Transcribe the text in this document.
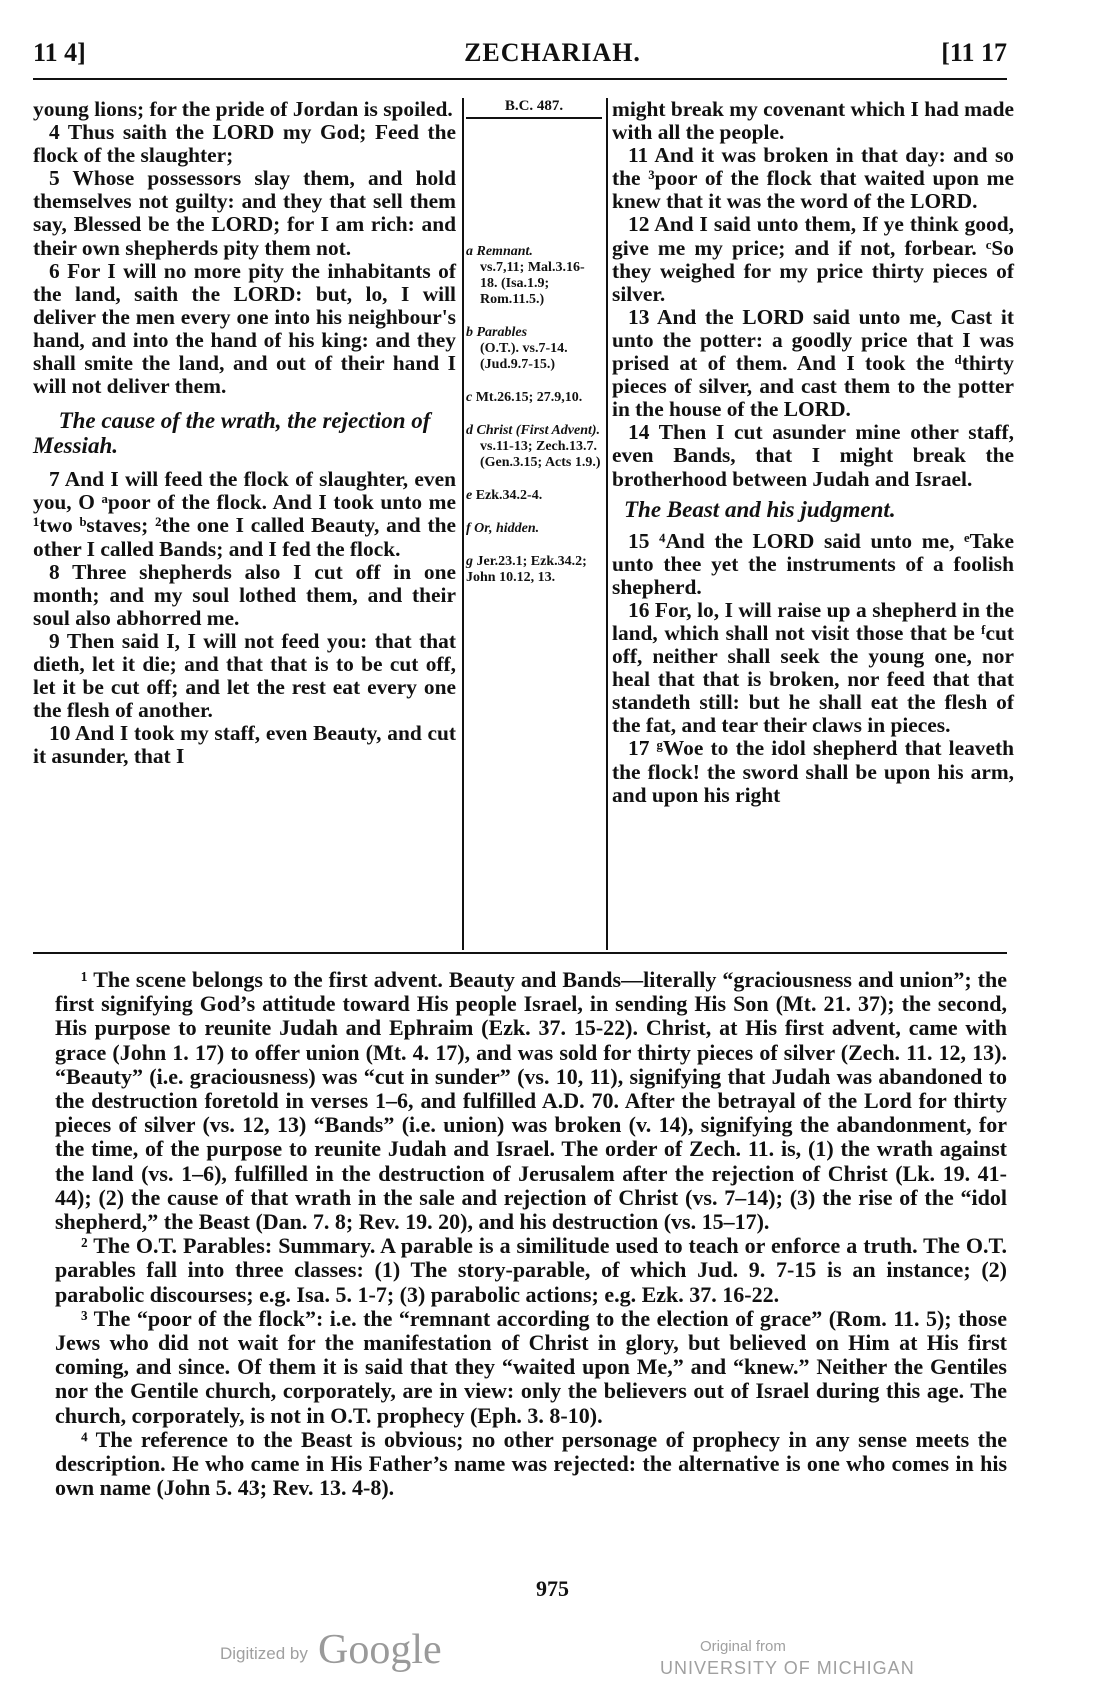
11 4]	ZECHARIAH.	[11 17

young lions; for the pride of Jordan is spoiled.

4 Thus saith the LORD my God; Feed the flock of the slaughter;

5 Whose possessors slay them, and hold themselves not guilty: and they that sell them say, Blessed be the LORD; for I am rich: and their own shepherds pity them not.

6 For I will no more pity the inhabitants of the land, saith the LORD: but, lo, I will deliver the men every one into his neighbour's hand, and into the hand of his king: and they shall smite the land, and out of their hand I will not deliver them.

The cause of the wrath, the rejection of Messiah.

7 And I will feed the flock of slaughter, even you, O ᵃpoor of the flock. And I took unto me ¹two ᵇstaves; ²the one I called Beauty, and the other I called Bands; and I fed the flock.

8 Three shepherds also I cut off in one month; and my soul lothed them, and their soul also abhorred me.

9 Then said I, I will not feed you: that that dieth, let it die; and that that is to be cut off, let it be cut off; and let the rest eat every one the flesh of another.

10 And I took my staff, even Beauty, and cut it asunder, that I

B.C. 487.
a Remnant.
vs.7,11; Mal.3.16-18. (Isa.1.9; Rom.11.5.)
b Parables
(O.T.). vs.7-14. (Jud.9.7-15.)
c Mt.26.15; 27.9,10.
d Christ (First Advent).
vs.11-13; Zech.13.7. (Gen.3.15; Acts 1.9.)
e Ezk.34.2-4.
f Or, hidden.
g Jer.23.1; Ezk.34.2; John 10.12, 13.

might break my covenant which I had made with all the people.

11 And it was broken in that day: and so the ³poor of the flock that waited upon me knew that it was the word of the LORD.

12 And I said unto them, If ye think good, give me my price; and if not, forbear. ᶜSo they weighed for my price thirty pieces of silver.

13 And the LORD said unto me, Cast it unto the potter: a goodly price that I was prised at of them. And I took the ᵈthirty pieces of silver, and cast them to the potter in the house of the LORD.

14 Then I cut asunder mine other staff, even Bands, that I might break the brotherhood between Judah and Israel.

The Beast and his judgment.

15 ⁴And the LORD said unto me, ᵉTake unto thee yet the instruments of a foolish shepherd.

16 For, lo, I will raise up a shepherd in the land, which shall not visit those that be ᶠcut off, neither shall seek the young one, nor heal that that is broken, nor feed that that standeth still: but he shall eat the flesh of the fat, and tear their claws in pieces.

17 ᵍWoe to the idol shepherd that leaveth the flock! the sword shall be upon his arm, and upon his right

¹ The scene belongs to the first advent. Beauty and Bands—literally “graciousness and union”; the first signifying God’s attitude toward His people Israel, in sending His Son (Mt. 21. 37); the second, His purpose to reunite Judah and Ephraim (Ezk. 37. 15-22). Christ, at His first advent, came with grace (John 1. 17) to offer union (Mt. 4. 17), and was sold for thirty pieces of silver (Zech. 11. 12, 13). “Beauty” (i.e. graciousness) was “cut in sunder” (vs. 10, 11), signifying that Judah was abandoned to the destruction foretold in verses 1–6, and fulfilled A.D. 70. After the betrayal of the Lord for thirty pieces of silver (vs. 12, 13) “Bands” (i.e. union) was broken (v. 14), signifying the abandonment, for the time, of the purpose to reunite Judah and Israel. The order of Zech. 11. is, (1) the wrath against the land (vs. 1–6), fulfilled in the destruction of Jerusalem after the rejection of Christ (Lk. 19. 41-44); (2) the cause of that wrath in the sale and rejection of Christ (vs. 7–14); (3) the rise of the “idol shepherd,” the Beast (Dan. 7. 8; Rev. 19. 20), and his destruction (vs. 15–17).

² The O.T. Parables: Summary. A parable is a similitude used to teach or enforce a truth. The O.T. parables fall into three classes: (1) The story-parable, of which Jud. 9. 7-15 is an instance; (2) parabolic discourses; e.g. Isa. 5. 1-7; (3) parabolic actions; e.g. Ezk. 37. 16-22.

³ The “poor of the flock”: i.e. the “remnant according to the election of grace” (Rom. 11. 5); those Jews who did not wait for the manifestation of Christ in glory, but believed on Him at His first coming, and since. Of them it is said that they “waited upon Me,” and “knew.” Neither the Gentiles nor the Gentile church, corporately, are in view: only the believers out of Israel during this age. The church, corporately, is not in O.T. prophecy (Eph. 3. 8-10).

⁴ The reference to the Beast is obvious; no other personage of prophecy in any sense meets the description. He who came in His Father’s name was rejected: the alternative is one who comes in his own name (John 5. 43; Rev. 13. 4-8).

975
Digitized by Google	Original from
UNIVERSITY OF MICHIGAN
